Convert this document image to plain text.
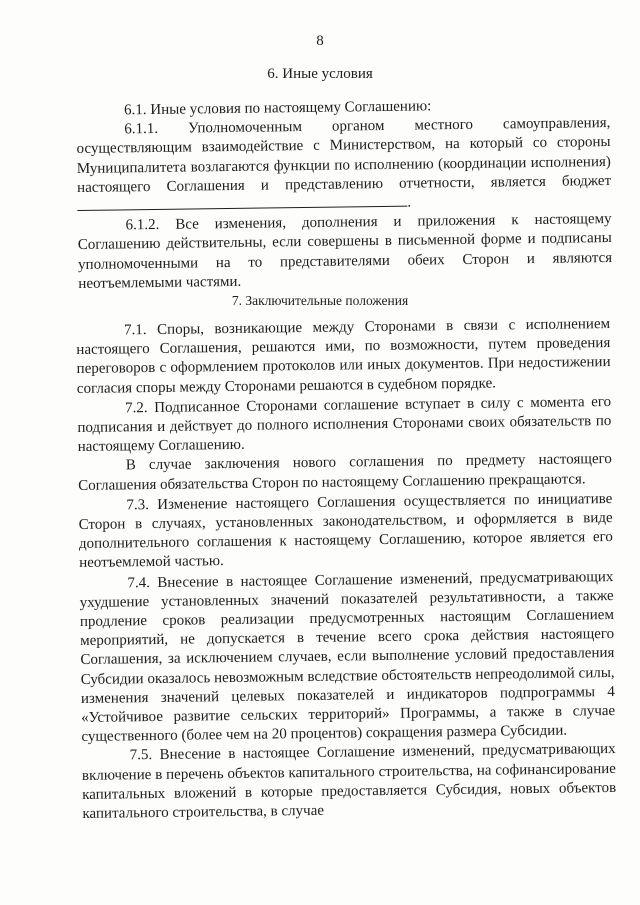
8
6. Иные условия

6.1. Иные условия по настоящему Соглашению:

6.1.1. Уполномоченным органом местного самоуправления, осуществляющим взаимодействие с Министерством, на который со стороны Муниципалитета возлагаются функции по исполнению (координации исполнения) настоящего Соглашения и представлению отчетности, является бюджет .

6.1.2. Все изменения, дополнения и приложения к настоящему Соглашению действительны, если совершены в письменной форме и подписаны уполномоченными на то представителями обеих Сторон и являются неотъемлемыми частями.

7. Заключительные положения

7.1. Споры, возникающие между Сторонами в связи с исполнением настоящего Соглашения, решаются ими, по возможности, путем проведения переговоров с оформлением протоколов или иных документов. При недостижении согласия споры между Сторонами решаются в судебном порядке.

7.2. Подписанное Сторонами соглашение вступает в силу с момента его подписания и действует до полного исполнения Сторонами своих обязательств по настоящему Соглашению.

В случае заключения нового соглашения по предмету настоящего Соглашения обязательства Сторон по настоящему Соглашению прекращаются.

7.3. Изменение настоящего Соглашения осуществляется по инициативе Сторон в случаях, установленных законодательством, и оформляется в виде дополнительного соглашения к настоящему Соглашению, которое является его неотъемлемой частью.

7.4. Внесение в настоящее Соглашение изменений, предусматривающих ухудшение установленных значений показателей результативности, а также продление сроков реализации предусмотренных настоящим Соглашением мероприятий, не допускается в течение всего срока действия настоящего Соглашения, за исключением случаев, если выполнение условий предоставления Субсидии оказалось невозможным вследствие обстоятельств непреодолимой силы, изменения значений целевых показателей и индикаторов подпрограммы 4 «Устойчивое развитие сельских территорий» Программы, а также в случае существенного (более чем на 20 процентов) сокращения размера Субсидии.

7.5. Внесение в настоящее Соглашение изменений, предусматривающих включение в перечень объектов капитального строительства, на софинансирование капитальных вложений в которые предоставляется Субсидия, новых объектов капитального строительства, в случае
